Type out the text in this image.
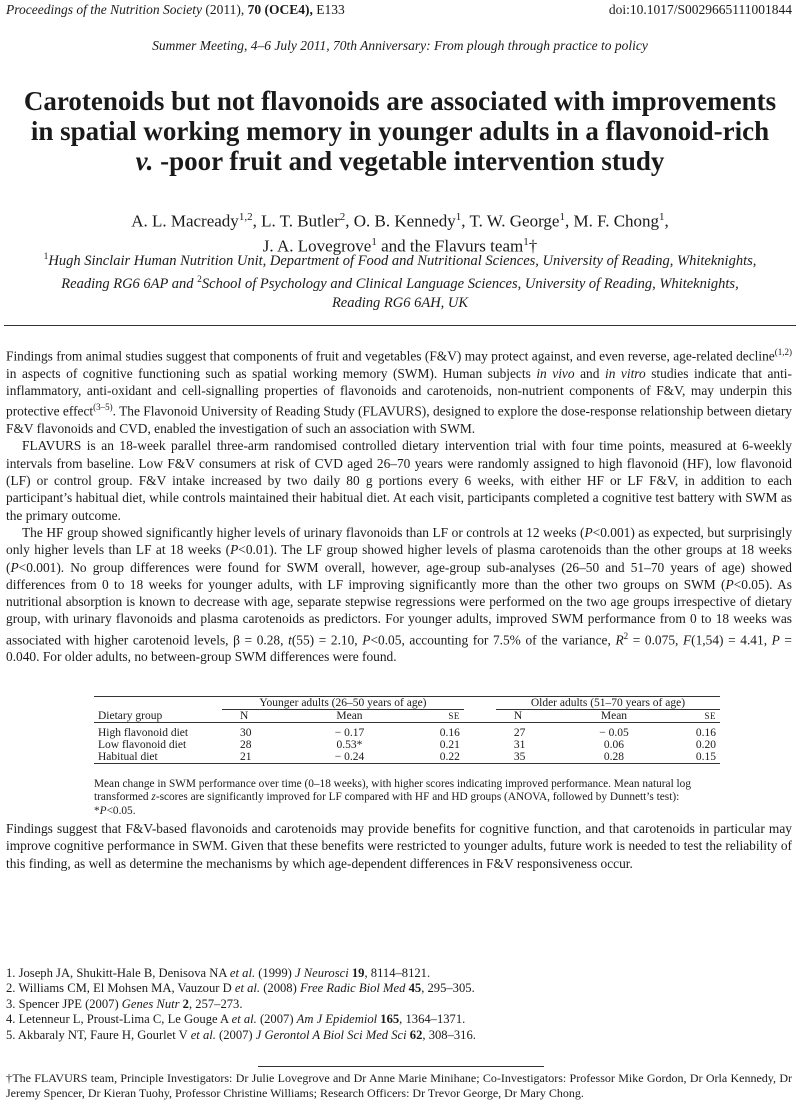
Proceedings of the Nutrition Society (2011), 70 (OCE4), E133	doi:10.1017/S0029665111001844
Summer Meeting, 4–6 July 2011, 70th Anniversary: From plough through practice to policy
Carotenoids but not flavonoids are associated with improvements
in spatial working memory in younger adults in a flavonoid-rich
v. -poor fruit and vegetable intervention study
A. L. Macready$^{1,2}$, L. T. Butler$^2$, O. B. Kennedy$^1$, T. W. George$^1$, M. F. Chong$^1$,
J. A. Lovegrove$^1$ and the Flavurs team$^1$†
$^1$Hugh Sinclair Human Nutrition Unit, Department of Food and Nutritional Sciences, University of Reading, Whiteknights,
Reading RG6 6AP and $^2$School of Psychology and Clinical Language Sciences, University of Reading, Whiteknights,
Reading RG6 6AH, UK

Findings from animal studies suggest that components of fruit and vegetables (F&V) may protect against, and even reverse, age-related decline$^{(1,2)}$ in aspects of cognitive functioning such as spatial working memory (SWM). Human subjects in vivo and in vitro studies indicate that anti-inflammatory, anti-oxidant and cell-signalling properties of flavonoids and carotenoids, non-nutrient components of F&V, may underpin this protective effect$^{(3-5)}$. The Flavonoid University of Reading Study (FLAVURS), designed to explore the dose-response relationship between dietary F&V flavonoids and CVD, enabled the investigation of such an association with SWM.

FLAVURS is an 18-week parallel three-arm randomised controlled dietary intervention trial with four time points, measured at 6-weekly intervals from baseline. Low F&V consumers at risk of CVD aged 26–70 years were randomly assigned to high flavonoid (HF), low flavonoid (LF) or control group. F&V intake increased by two daily 80 g portions every 6 weeks, with either HF or LF F&V, in addition to each participant’s habitual diet, while controls maintained their habitual diet. At each visit, participants completed a cognitive test battery with SWM as the primary outcome.

The HF group showed significantly higher levels of urinary flavonoids than LF or controls at 12 weeks (P<0.001) as expected, but surprisingly only higher levels than LF at 18 weeks (P<0.01). The LF group showed higher levels of plasma carotenoids than the other groups at 18 weeks (P<0.001). No group differences were found for SWM overall, however, age-group sub-analyses (26–50 and 51–70 years of age) showed differences from 0 to 18 weeks for younger adults, with LF improving significantly more than the other two groups on SWM (P<0.05). As nutritional absorption is known to decrease with age, separate stepwise regressions were performed on the two age groups irrespective of dietary group, with urinary flavonoids and plasma carotenoids as predictors. For younger adults, improved SWM performance from 0 to 18 weeks was associated with higher carotenoid levels, β = 0.28, t(55) = 2.10, P<0.05, accounting for 7.5% of the variance, $R^2 = 0.075$, F(1,54) = 4.41, P = 0.040. For older adults, no between-group SWM differences were found.

	Younger adults (26–50 years of age)				Older adults (51–70 years of age)		
Dietary group	N	Mean	SE		N	Mean	SE

High flavonoid diet	30	− 0.17	0.16		27	− 0.05	0.16
Low flavonoid diet	28	0.53*	0.21		31	0.06	0.20
Habitual diet	21	− 0.24	0.22		35	0.28	0.15
Mean change in SWM performance over time (0–18 weeks), with higher scores indicating improved performance. Mean natural log transformed z-scores are significantly improved for LF compared with HF and HD groups (ANOVA, followed by Dunnett’s test): *P<0.05.

Findings suggest that F&V-based flavonoids and carotenoids may provide benefits for cognitive function, and that carotenoids in particular may improve cognitive performance in SWM. Given that these benefits were restricted to younger adults, future work is needed to test the reliability of this finding, as well as determine the mechanisms by which age-dependent differences in F&V responsiveness occur.

1. Joseph JA, Shukitt-Hale B, Denisova NA et al. (1999) J Neurosci 19, 8114–8121.
2. Williams CM, El Mohsen MA, Vauzour D et al. (2008) Free Radic Biol Med 45, 295–305.
3. Spencer JPE (2007) Genes Nutr 2, 257–273.
4. Letenneur L, Proust-Lima C, Le Gouge A et al. (2007) Am J Epidemiol 165, 1364–1371.
5. Akbaraly NT, Faure H, Gourlet V et al. (2007) J Gerontol A Biol Sci Med Sci 62, 308–316.
†The FLAVURS team, Principle Investigators: Dr Julie Lovegrove and Dr Anne Marie Minihane; Co-Investigators: Professor Mike Gordon, Dr Orla Kennedy, Dr Jeremy Spencer, Dr Kieran Tuohy, Professor Christine Williams; Research Officers: Dr Trevor George, Dr Mary Chong.
